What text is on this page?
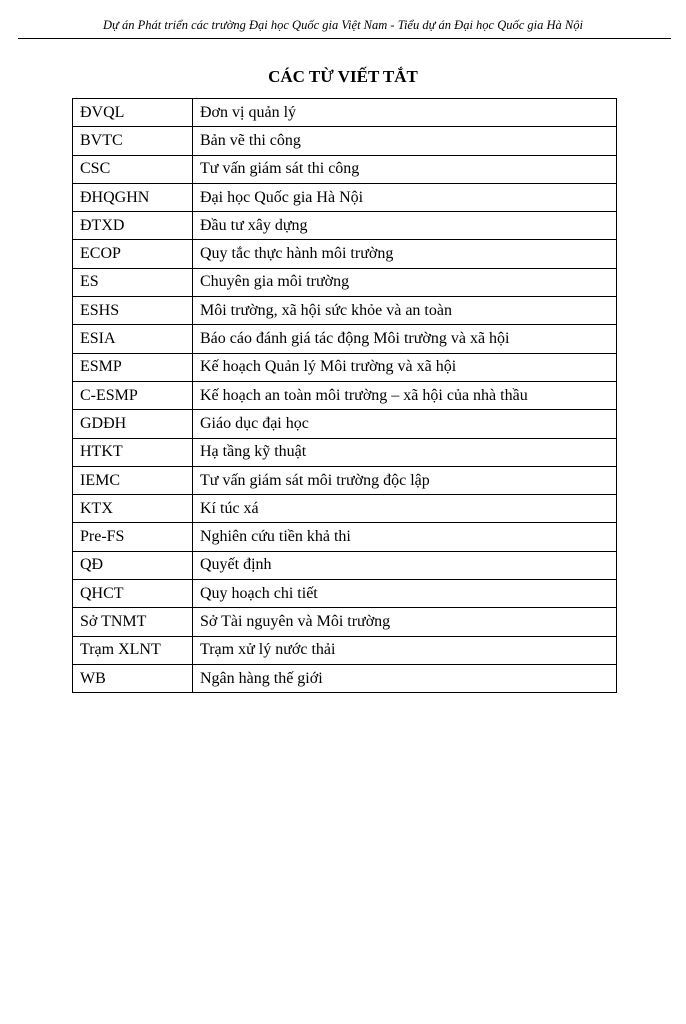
Dự án Phát triển các trường Đại học Quốc gia Việt Nam - Tiểu dự án Đại học Quốc gia Hà Nội
CÁC TỪ VIẾT TẮT
ĐVQL	Đơn vị quản lý
BVTC	Bản vẽ thi công
CSC	Tư vấn giám sát thi công
ĐHQGHN	Đại học Quốc gia Hà Nội
ĐTXD	Đầu tư xây dựng
ECOP	Quy tắc thực hành môi trường
ES	Chuyên gia môi trường
ESHS	Môi trường, xã hội sức khỏe và an toàn
ESIA	Báo cáo đánh giá tác động Môi trường và xã hội
ESMP	Kế hoạch Quản lý Môi trường và xã hội
C-ESMP	Kế hoạch an toàn môi trường – xã hội của nhà thầu
GDĐH	Giáo dục đại học
HTKT	Hạ tầng kỹ thuật
IEMC	Tư vấn giám sát môi trường độc lập
KTX	Kí túc xá
Pre-FS	Nghiên cứu tiền khả thi
QĐ	Quyết định
QHCT	Quy hoạch chi tiết
Sở TNMT	Sở Tài nguyên và Môi trường
Trạm XLNT	Trạm xử lý nước thải
WB	Ngân hàng thế giới
